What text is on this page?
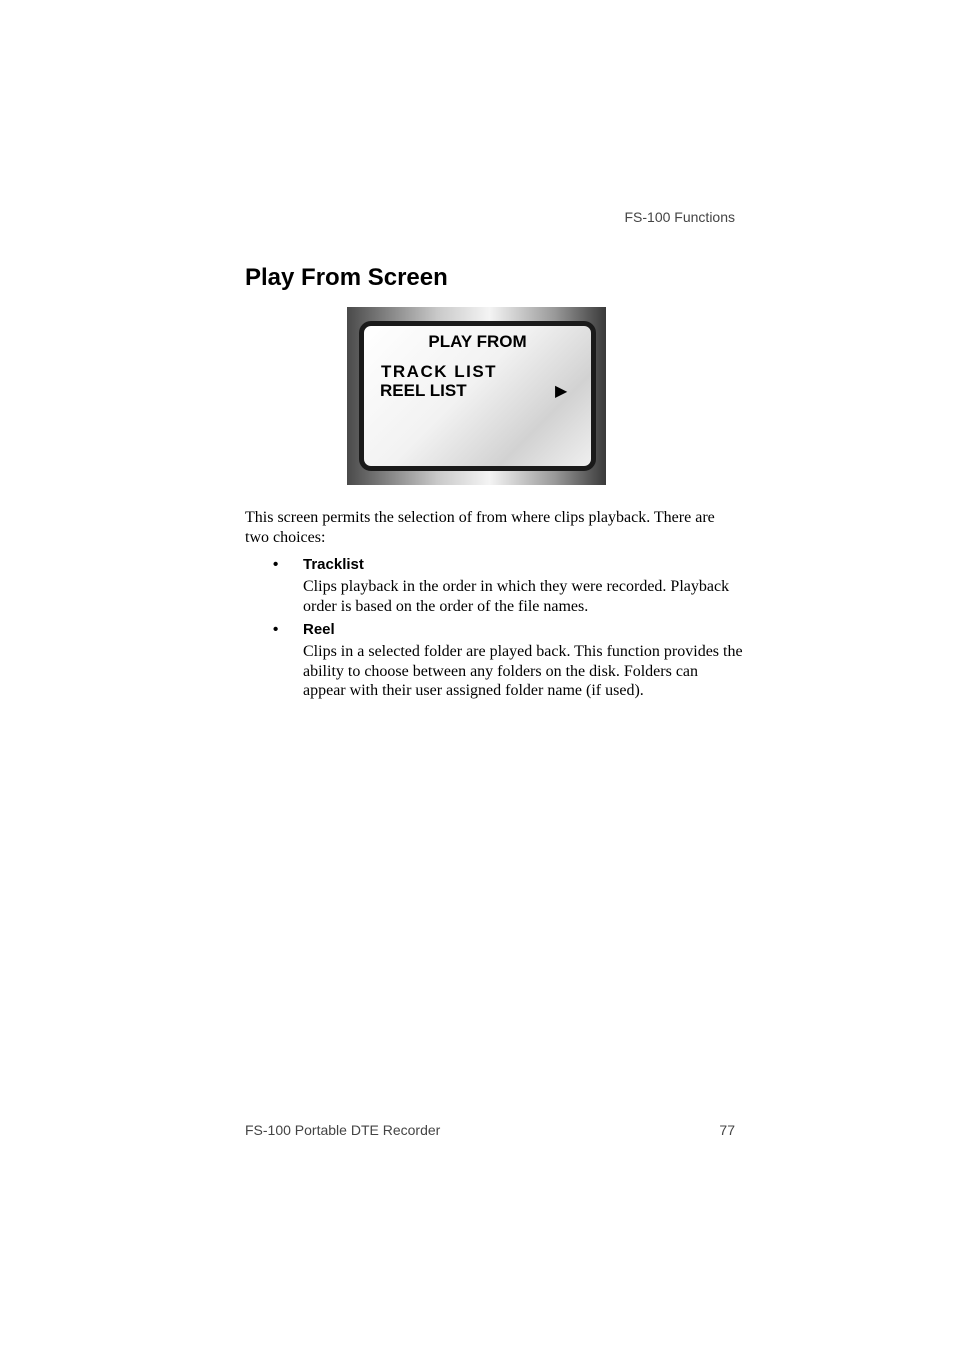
FS-100 Functions
Play From Screen
PLAY FROM
TRACK LIST
REEL LIST	▶
This screen permits the selection of from where clips playback. There are two choices:
• Tracklist
Clips playback in the order in which they were recorded. Playback order is based on the order of the file names.
• Reel
Clips in a selected folder are played back. This function provides the ability to choose between any folders on the disk. Folders can appear with their user assigned folder name (if used).
FS-100 Portable DTE Recorder	77
